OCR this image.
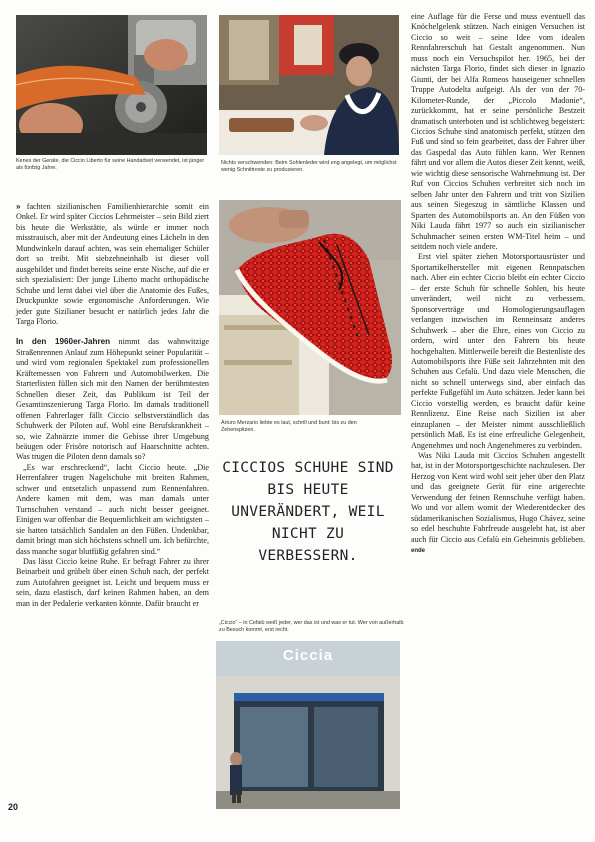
Kenes der Geräte, die Ciccio Liberto für seine Handarbeit verwendet, ist jünger als fünfzig Jahre.
Nichts verschwenden: Beim Sohlenleder wird eng angelegt, um möglichst wenig Schnittreste zu produzieren.
Arturo Merzario liebte es laut, schrill und bunt: bis zu den Zehenspitzen.
CICCIOS SCHUHE SIND BIS HEUTE UNVERÄNDERT, WEIL NICHT ZU VERBESSERN.
„Ciccio“ – in Cefalù weiß jeder, wer das ist und was er tut. Wer von außerhalb zu Besuch kommt, erst recht.
Ciccia

» fachten sizilianischen Familienhierarchie somit ein Onkel. Er wird später Ciccios Lehrmeister – sein Bild ziert bis heute die Werkstätte, als würde er immer noch misstrauisch, aber mit der Andeutung eines Lächeln in den Mundwinkeln darauf achten, was sein ehemaliger Schüler dort so treibt. Mit siebzehneinhalb ist dieser voll ausgebildet und findet bereits seine erste Nische, auf die er sich spezialisiert: Der junge Liberto macht orthopädische Schuhe und lernt dabei viel über die Anatomie des Fußes, Druckpunkte sowie ergonomische Anforderungen. Wie jeder gute Sizilianer besucht er natürlich jedes Jahr die Targa Florio.

In den 1960er-Jahren nimmt das wahnwitzige Straßenrennen Anlauf zum Höhepunkt seiner Popularität – und wird vom regionalen Spektakel zum professionellen Kräftemessen von Fahrern und Automobilwerken. Die Starterlisten füllen sich mit den Namen der berühmtesten Schnellen dieser Zeit, das Publikum ist Teil der Gesamtinszenierung Targa Florio. Im damals traditionell offenen Fahrerlager fällt Ciccio selbstverständlich das Schuhwerk der Piloten auf. Wohl eine Berufskrankheit – so, wie Zahnärzte immer die Gebisse ihrer Umgebung beäugen oder Frisöre notorisch auf Haarschnitte achten. Was trugen die Piloten denn damals so?

„Es war erschreckend“, lacht Ciccio heute. „Die Herrenfahrer trugen Nagelschuhe mit breiten Rahmen, schwer und entsetzlich unpassend zum Rennenfahren. Andere kamen mit dem, was man damals unter Turnschuhen verstand – auch nicht besser geeignet. Einigen war offenbar die Bequemlichkeit am wichtigsten – sie hatten tatsächlich Sandalen an den Füßen. Undenkbar, damit bringt man sich höchstens schnell um. Ich befürchte, dass manche sogar blutfüßig gefahren sind.“

Das lässt Ciccio keine Ruhe. Er befragt Fahrer zu ihrer Beinarbeit und grübelt über einen Schuh nach, der perfekt zum Autofahren geeignet ist. Leicht und bequem muss er sein, dazu elastisch, darf keinen Rahmen haben, an dem man in der Pedalerie verkanten könnte. Dafür braucht er

eine Auflage für die Ferse und muss eventuell das Knöchelgelenk stützen. Nach einigen Versuchen ist Ciccio so weit – seine Idee vom idealen Rennfahrerschuh hat Gestalt angenommen. Nun muss noch ein Versuchspilot her. 1965, bei der nächsten Targa Florio, findet sich dieser in Ignazio Giunti, der bei Alfa Romeos hauseigener schnellen Truppe Autodelta aufgeigt. Als der von der 70-Kilometer-Runde, der „Piccolo Madonie“, zurückkommt, hat er seine persönliche Bestzeit dramatisch unterboten und ist schlichtweg begeistert: Ciccios Schuhe sind anatomisch perfekt, stützen den Fuß und sind so fein gearbeitet, dass der Fahrer über das Gaspedal das Auto fühlen kann. Wer Rennen fährt und vor allem die Autos dieser Zeit kennt, weiß, wie wichtig diese sensorische Wahrnehmung ist. Der Ruf von Ciccios Schuhen verbreitet sich noch im selben Jahr unter den Fahrern und tritt von Sizilien aus seinen Siegeszug in sämtliche Klassen und Sparten des Automobilsports an. An den Füßen von Niki Lauda fährt 1977 so auch ein sizilianischer Schuhmacher seinen ersten WM-Titel heim – und seitdem noch viele andere.

Erst viel später ziehen Motorsportausrüster und Sportartikelhersteller mit eigenen Rennpatschen nach. Aber ein echter Ciccio bleibt ein echter Ciccio – der erste Schuh für schnelle Sohlen, bis heute unverändert, weil nicht zu verbessern. Sponsorverträge und Homologierungsauflagen verlangen inzwischen im Renneinsatz anderes Schuhwerk – aber die Ehre, eines von Ciccio zu ordern, wird unter den Fahrern bis heute hochgehalten. Mittlerweile bereift die Bestenliste des Automobilsports ihre Füße seit Jahrzehnten mit den Schuhen aus Cefalù. Und dazu viele Menschen, die nicht so schnell unterwegs sind, aber einfach das perfekte Fußgefühl im Auto schätzen. Jeder kann bei Ciccio vorstellig werden, es braucht dafür keine Rennlizenz. Eine Reise nach Sizilien ist aber einzuplanen – der Meister nimmt ausschließlich persönlich Maß. Es ist eine erfreuliche Gelegenheit, Angenehmes und noch Angenehmeres zu verbinden.

Was Niki Lauda mit Ciccios Schuhen angestellt hat, ist in der Motorsportgeschichte nachzulesen. Der Herzog von Kent wird wohl seit jeher über den Platz und das geeignete Gerät für eine artgerechte Verwendung der feinen Rennschuhe verfügt haben. Wo und vor allem womit der Wiederentdecker des südamerikanischen Sozialismus, Hugo Chávez, seine so edel beschuhte Fahrfreude ausgelebt hat, ist aber auch für Ciccio aus Cefalù ein Geheimnis geblieben. ende

20
